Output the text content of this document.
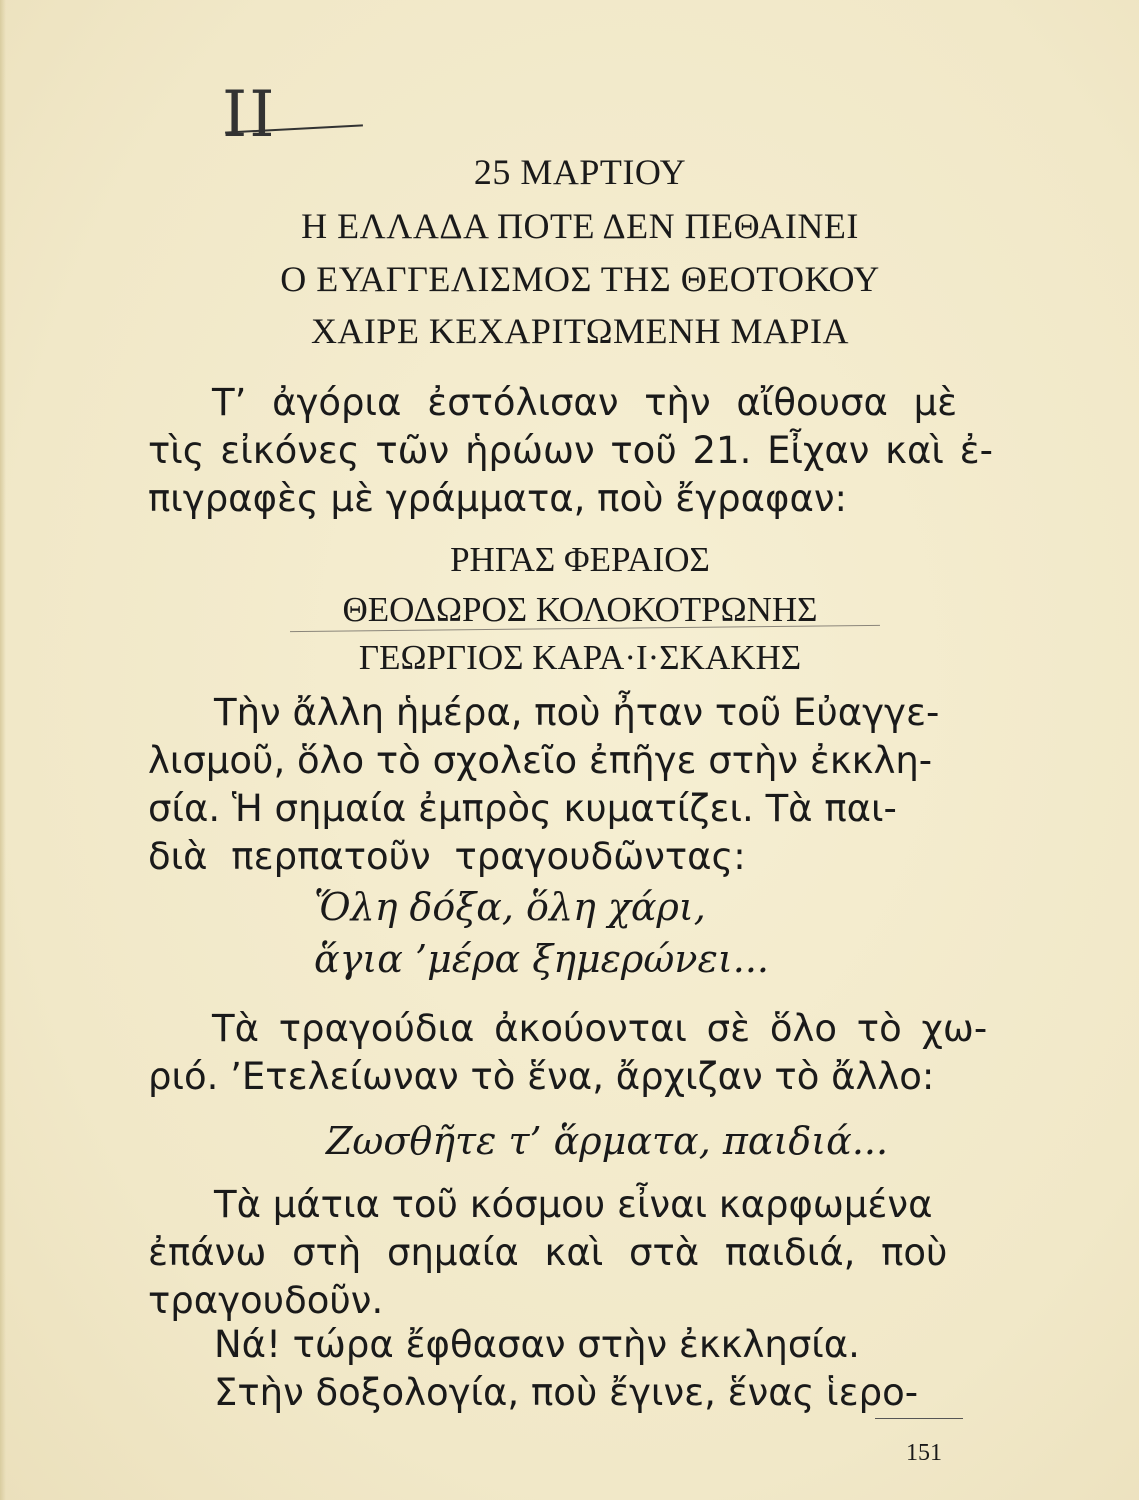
II
25 ΜΑΡΤΙΟΥ
Η ΕΛΛΑΔΑ ΠΟΤΕ ΔΕΝ ΠΕΘΑΙΝΕΙ
Ο ΕΥΑΓΓΕΛΙΣΜΟΣ ΤΗΣ ΘΕΟΤΟΚΟΥ
ΧΑΙΡΕ ΚΕΧΑΡΙΤΩΜΕΝΗ ΜΑΡΙΑ
Τ’ ἀγόρια ἐστόλισαν τὴν αἴθουσα μὲ
τὶς εἰκόνες τῶν ἡρώων τοῦ 21. Εἶχαν καὶ ἐ-
πιγραφὲς μὲ γράμματα, ποὺ ἔγραφαν:
ΡΗΓΑΣ ΦΕΡΑΙΟΣ
ΘΕΟΔΩΡΟΣ ΚΟΛΟΚΟΤΡΩΝΗΣ
ΓΕΩΡΓΙΟΣ ΚΑΡΑ·Ι·ΣΚΑΚΗΣ
Τὴν ἄλλη ἡμέρα, ποὺ ἦταν τοῦ Εὐαγγε-
λισμοῦ, ὅλο τὸ σχολεῖο ἐπῆγε στὴν ἐκκλη-
σία. Ἡ σημαία ἐμπρὸς κυματίζει. Τὰ παι-
διὰ περπατοῦν τραγουδῶντας:
Ὅλη δόξα, ὅλη χάρι,
ἅγια ’μέρα ξημερώνει...
Τὰ τραγούδια ἀκούονται σὲ ὅλο τὸ χω-
ριό. ’Ετελείωναν τὸ ἕνα, ἄρχιζαν τὸ ἄλλο:
Ζωσθῆτε τ’ ἅρματα, παιδιά...
Τὰ μάτια τοῦ κόσμου εἶναι καρφωμένα
ἐπάνω στὴ σημαία καὶ στὰ παιδιά, ποὺ
τραγουδοῦν.
Νά! τώρα ἔφθασαν στὴν ἐκκλησία.
Στὴν δοξολογία, ποὺ ἔγινε, ἕνας ἱερο-
151
